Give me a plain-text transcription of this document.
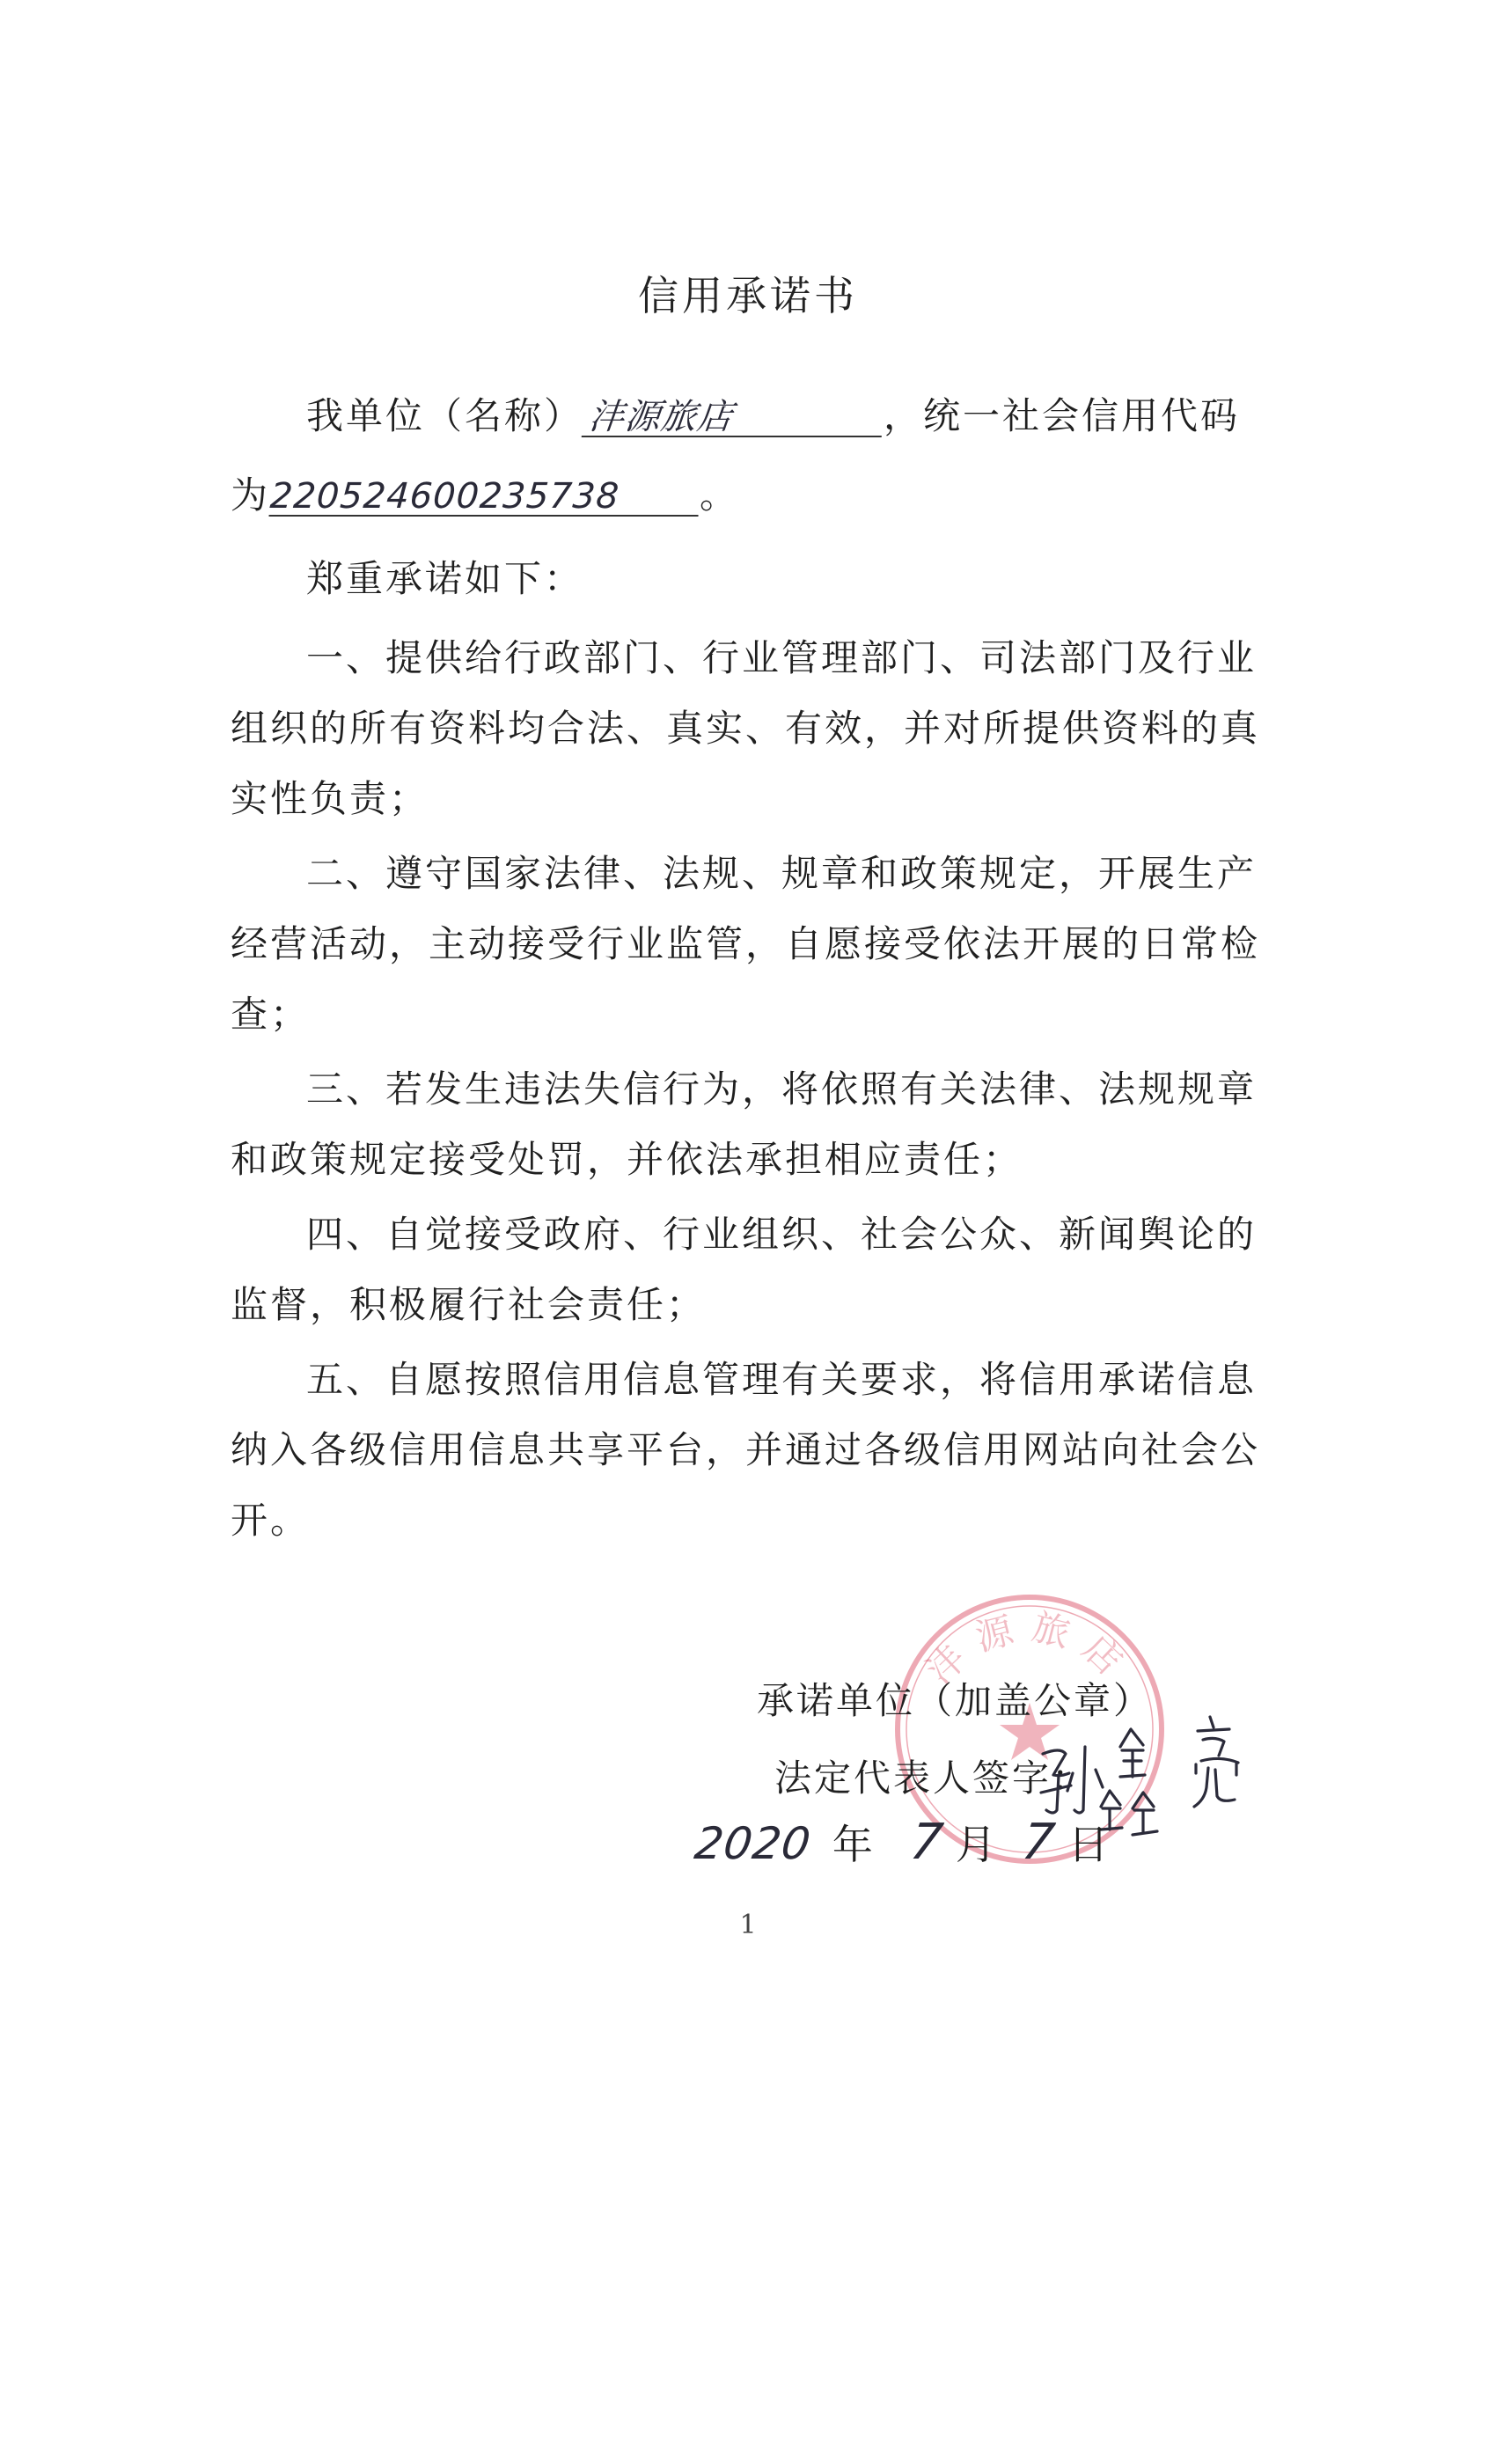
信用承诺书
我单位（名称）沣源旅店	，统一社会信用代码
为220524600235738 。
郑重承诺如下：
一、提供给行政部门、行业管理部门、司法部门及行业
组织的所有资料均合法、真实、有效，并对所提供资料的真
实性负责；
二、遵守国家法律、法规、规章和政策规定，开展生产
经营活动，主动接受行业监管，自愿接受依法开展的日常检
查；
三、若发生违法失信行为，将依照有关法律、法规规章
和政策规定接受处罚，并依法承担相应责任；
四、自觉接受政府、行业组织、社会公众、新闻舆论的
监督，积极履行社会责任；
五、自愿按照信用信息管理有关要求，将信用承诺信息
纳入各级信用信息共享平台，并通过各级信用网站向社会公
开。
沣源旅店
承诺单位（加盖公章）
法定代表人签字：
2020 年 7 月 7 日
1
